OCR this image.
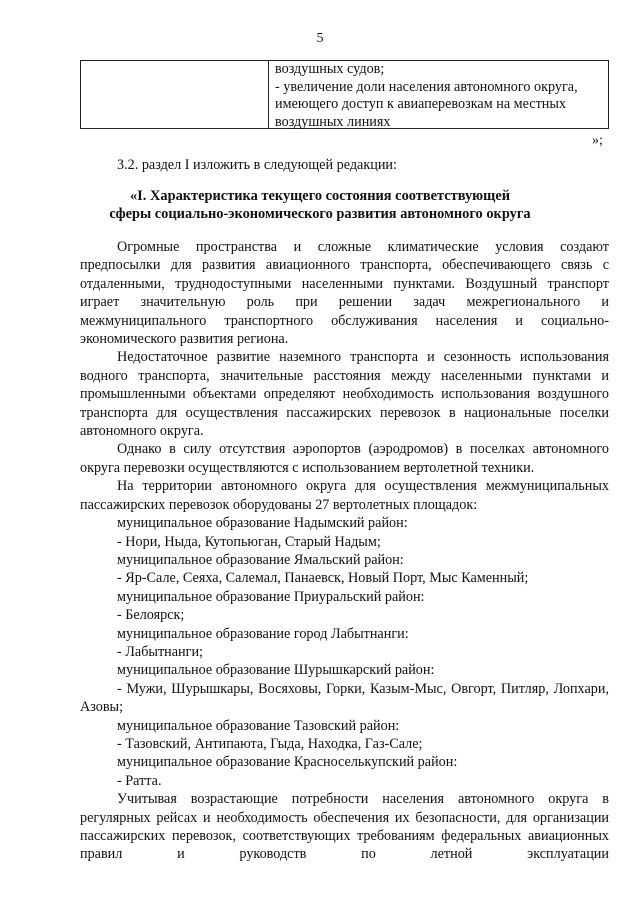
5
воздушных судов;
- увеличение доли населения автономного округа,
имеющего доступ к авиаперевозкам на местных
воздушных линиях
»;
3.2. раздел I изложить в следующей редакции:
«I. Характеристика текущего состояния соответствующей
сферы социально-экономического развития автономного округа
Огромные пространства и сложные климатические условия создают предпосылки для развития авиационного транспорта, обеспечивающего связь с отдаленными, труднодоступными населенными пунктами. Воздушный транспорт играет значительную роль при решении задач межрегионального и межмуниципального транспортного обслуживания населения и социально-экономического развития региона.
Недостаточное развитие наземного транспорта и сезонность использования водного транспорта, значительные расстояния между населенными пунктами и промышленными объектами определяют необходимость использования воздушного транспорта для осуществления пассажирских перевозок в национальные поселки автономного округа.
Однако в силу отсутствия аэропортов (аэродромов) в поселках автономного округа перевозки осуществляются с использованием вертолетной техники.
На территории автономного округа для осуществления межмуниципальных пассажирских перевозок оборудованы 27 вертолетных площадок:
муниципальное образование Надымский район:
- Нори, Ныда, Кутопьюган, Старый Надым;
муниципальное образование Ямальский район:
- Яр-Сале, Сеяха, Салемал, Панаевск, Новый Порт, Мыс Каменный;
муниципальное образование Приуральский район:
- Белоярск;
муниципальное образование город Лабытнанги:
- Лабытнанги;
муниципальное образование Шурышкарский район:
- Мужи, Шурышкары, Восяховы, Горки, Казым-Мыс, Овгорт, Питляр, Лопхари, Азовы;
муниципальное образование Тазовский район:
- Тазовский, Антипаюта, Гыда, Находка, Газ-Сале;
муниципальное образование Красноселькупский район:
- Ратта.
Учитывая возрастающие потребности населения автономного округа в регулярных рейсах и необходимость обеспечения их безопасности, для организации пассажирских перевозок, соответствующих требованиям федеральных авиационных правил и руководств по летной эксплуатации
